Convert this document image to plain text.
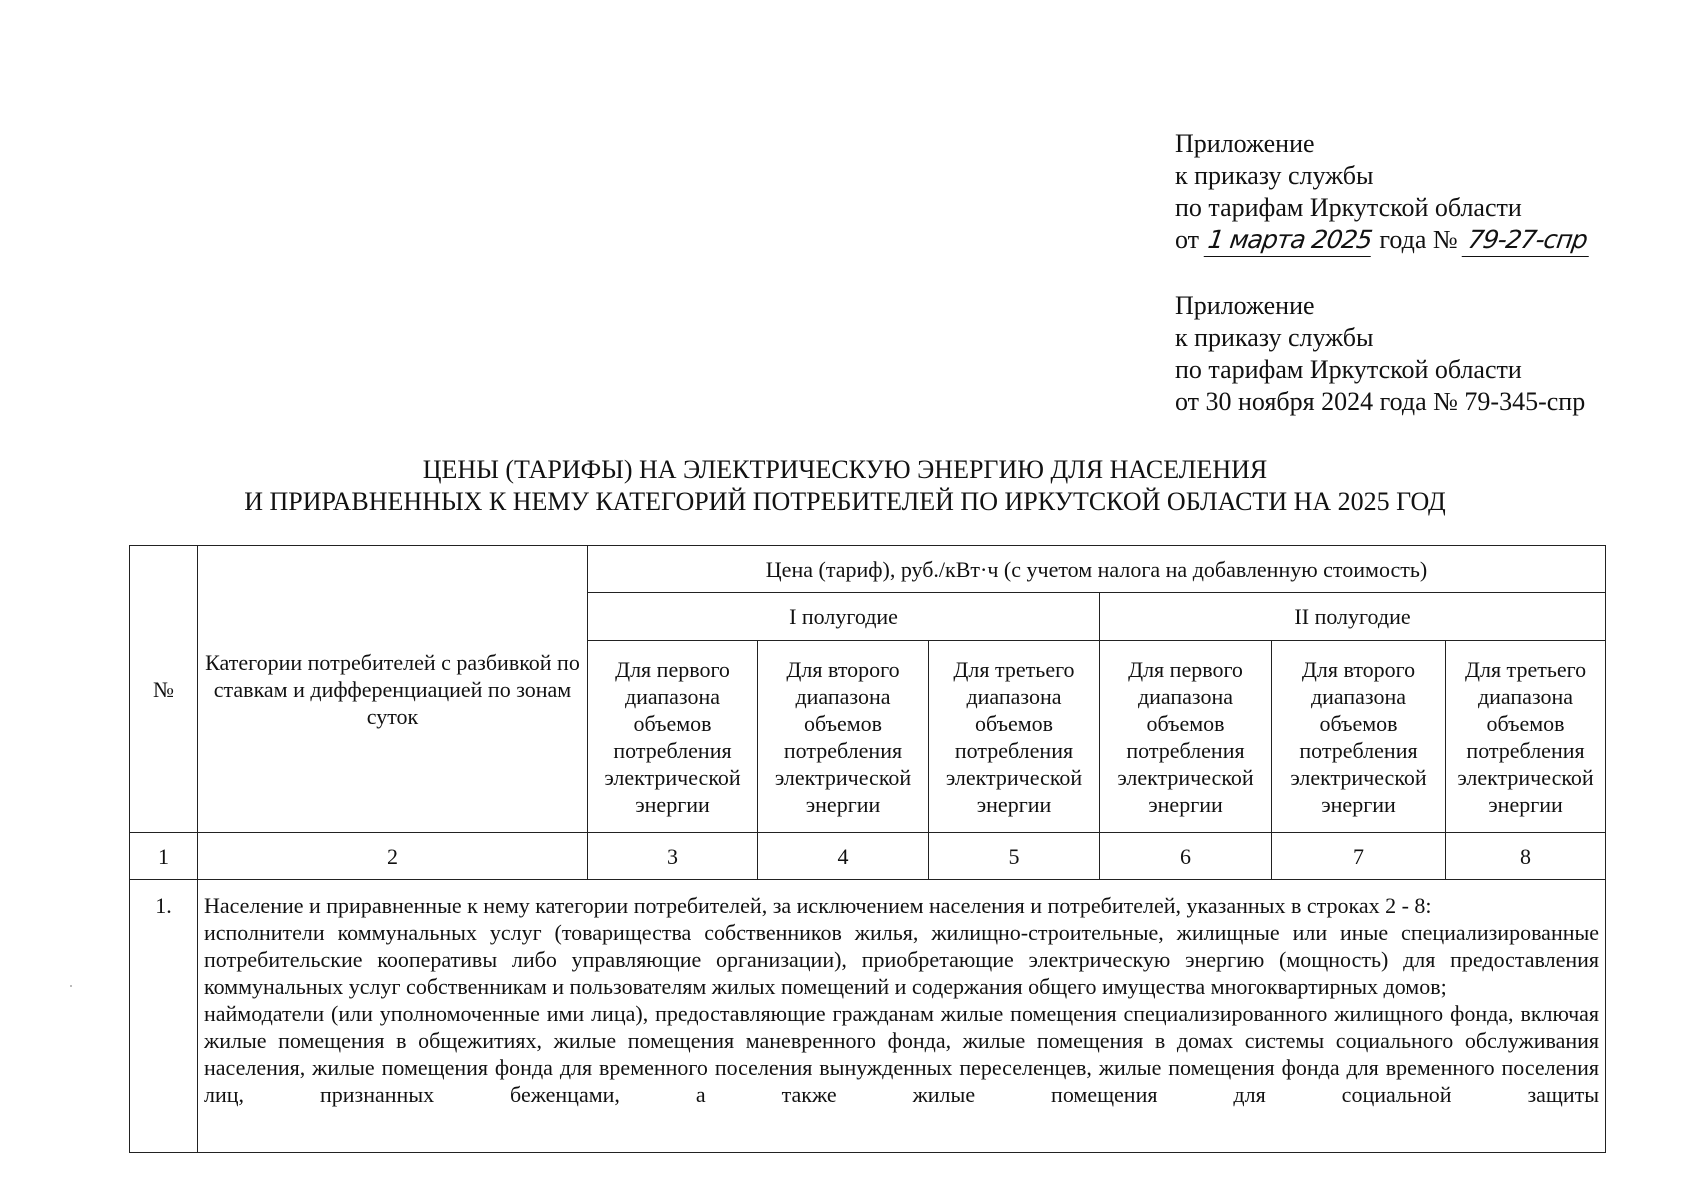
Приложение
к приказу службы
по тарифам Иркутской области
от 1 марта 2025 года № 79-27-спр
Приложение
к приказу службы
по тарифам Иркутской области
от 30 ноября 2024 года № 79-345-спр
ЦЕНЫ (ТАРИФЫ) НА ЭЛЕКТРИЧЕСКУЮ ЭНЕРГИЮ ДЛЯ НАСЕЛЕНИЯ
И ПРИРАВНЕННЫХ К НЕМУ КАТЕГОРИЙ ПОТРЕБИТЕЛЕЙ ПО ИРКУТСКОЙ ОБЛАСТИ НА 2025 ГОД
№	Категории потребителей с разбивкой по ставкам и дифференциацией по зонам суток	Цена (тариф), руб./кВт·ч (с учетом налога на добавленную стоимость)					
		I полугодие			II полугодие		
		Для первого диапазона объемов потребления электрической энергии	Для второго диапазона объемов потребления электрической энергии	Для третьего диапазона объемов потребления электрической энергии	Для первого диапазона объемов потребления электрической энергии	Для второго диапазона объемов потребления электрической энергии	Для третьего диапазона объемов потребления электрической энергии
1	2	3	4	5	6	7	8
1.	Население и приравненные к нему категории потребителей, за исключением населения и потребителей, указанных в строках 2 - 8:

исполнители коммунальных услуг (товарищества собственников жилья, жилищно-строительные, жилищные или иные специализированные потребительские кооперативы либо управляющие организации), приобретающие электрическую энергию (мощность) для предоставления коммунальных услуг собственникам и пользователям жилых помещений и содержания общего имущества многоквартирных домов;

наймодатели (или уполномоченные ими лица), предоставляющие гражданам жилые помещения специализированного жилищного фонда, включая жилые помещения в общежитиях, жилые помещения маневренного фонда, жилые помещения в домах системы социального обслуживания населения, жилые помещения фонда для временного поселения вынужденных переселенцев, жилые помещения фонда для временного поселения лиц, признанных беженцами, а также жилые помещения для социальной защиты						
